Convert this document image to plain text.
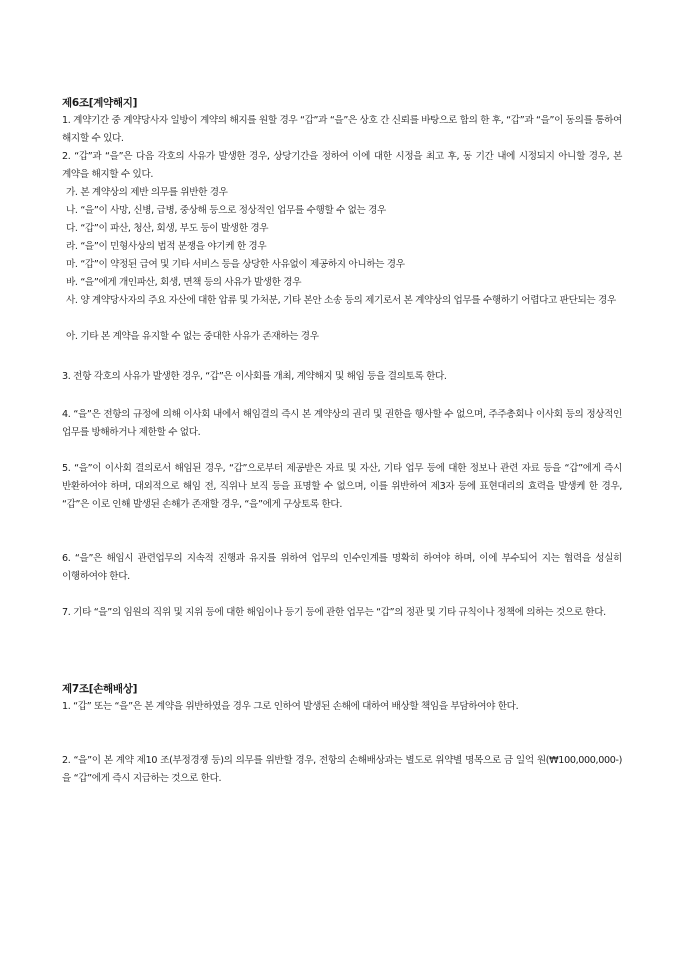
제6조[계약해지]
1. 계약기간 중 계약당사자 일방이 계약의 해지를 원할 경우 “갑”과 “을”은 상호 간 신뢰를 바탕으로 합의 한 후, “갑”과 “을”이 동의를 통하여 해지할 수 있다.
2. “갑”과 “을”은 다음 각호의 사유가 발생한 경우, 상당기간을 정하여 이에 대한 시정을 최고 후, 동 기간 내에 시정되지 아니할 경우, 본 계약을 해지할 수 있다.
가. 본 계약상의 제반 의무를 위반한 경우
나. “을”이 사망, 신병, 급병, 중상해 등으로 정상적인 업무를 수행할 수 없는 경우
다. “갑”이 파산, 청산, 회생, 부도 등이 발생한 경우
라. “을”이 민형사상의 법적 분쟁을 야기케 한 경우
마. “갑”이 약정된 급여 및 기타 서비스 등을 상당한 사유없이 제공하지 아니하는 경우
바. “을”에게 개인파산, 회생, 면책 등의 사유가 발생한 경우
사. 양 계약당사자의 주요 자산에 대한 압류 및 가처분, 기타 본안 소송 등의 제기로서 본 계약상의 업무를 수행하기 어렵다고 판단되는 경우
아. 기타 본 계약을 유지할 수 없는 중대한 사유가 존재하는 경우
3. 전항 각호의 사유가 발생한 경우, “갑”은 이사회를 개최, 계약해지 및 해임 등을 결의토록 한다.
4. “을”은 전항의 규정에 의해 이사회 내에서 해임결의 즉시 본 계약상의 권리 및 권한을 행사할 수 없으며, 주주총회나 이사회 등의 정상적인 업무를 방해하거나 제한할 수 없다.
5. “을”이 이사회 결의로서 해임된 경우, “갑”으로부터 제공받은 자료 및 자산, 기타 업무 등에 대한 정보나 관련 자료 등을 “갑”에게 즉시 반환하여야 하며, 대외적으로 해임 전, 직위나 보직 등을 표명할 수 없으며, 이를 위반하여 제3자 등에 표현대리의 효력을 발생케 한 경우, “갑”은 이로 인해 발생된 손해가 존재할 경우, “을”에게 구상토록 한다.
6. “을”은 해임시 관련업무의 지속적 진행과 유지를 위하여 업무의 인수인계를 명확히 하여야 하며, 이에 부수되어 지는 협력을 성실히 이행하여야 한다.
7. 기타 “을”의 임원의 직위 및 지위 등에 대한 해임이나 등기 등에 관한 업무는 “갑”의 정관 및 기타 규칙이나 정책에 의하는 것으로 한다.
제7조[손해배상]
1. “갑” 또는 “을”은 본 계약을 위반하였을 경우 그로 인하여 발생된 손해에 대하여 배상할 책임을 부담하여야 한다.
2. “을”이 본 계약 제10 조(부정경쟁 등)의 의무를 위반할 경우, 전항의 손해배상과는 별도로 위약별 명목으로 금 일억 원(₩100,000,000-)을 “갑”에게 즉시 지급하는 것으로 한다.
